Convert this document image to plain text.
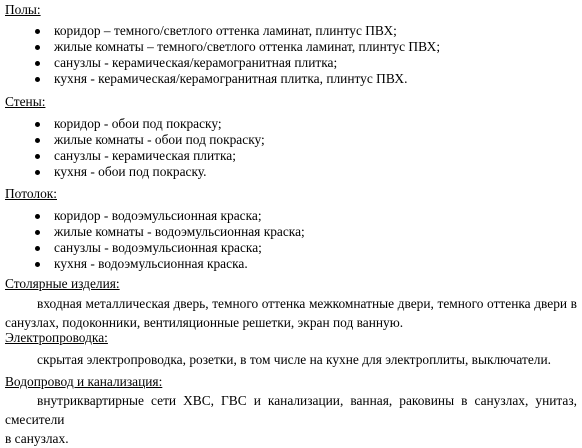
Полы:
коридор – темного/светлого оттенка ламинат, плинтус ПВХ;
жилые комнаты – темного/светлого оттенка ламинат, плинтус ПВХ;
санузлы - керамическая/керамогранитная плитка;
кухня - керамическая/керамогранитная плитка, плинтус ПВХ.
Стены:
коридор - обои под покраску;
жилые комнаты - обои под покраску;
санузлы - керамическая плитка;
кухня - обои под покраску.
Потолок:
коридор - водоэмульсионная краска;
жилые комнаты - водоэмульсионная краска;
санузлы - водоэмульсионная краска;
кухня - водоэмульсионная краска.
Столярные изделия:
входная металлическая дверь, темного оттенка межкомнатные двери, темного оттенка двери в
санузлах, подоконники, вентиляционные решетки, экран под ванную.
Электропроводка:
скрытая электропроводка, розетки, в том числе на кухне для электроплиты, выключатели.
Водопровод и канализация:
внутриквартирные сети ХВС, ГВС и канализации, ванная, раковины в санузлах, унитаз, смесители
в санузлах.
